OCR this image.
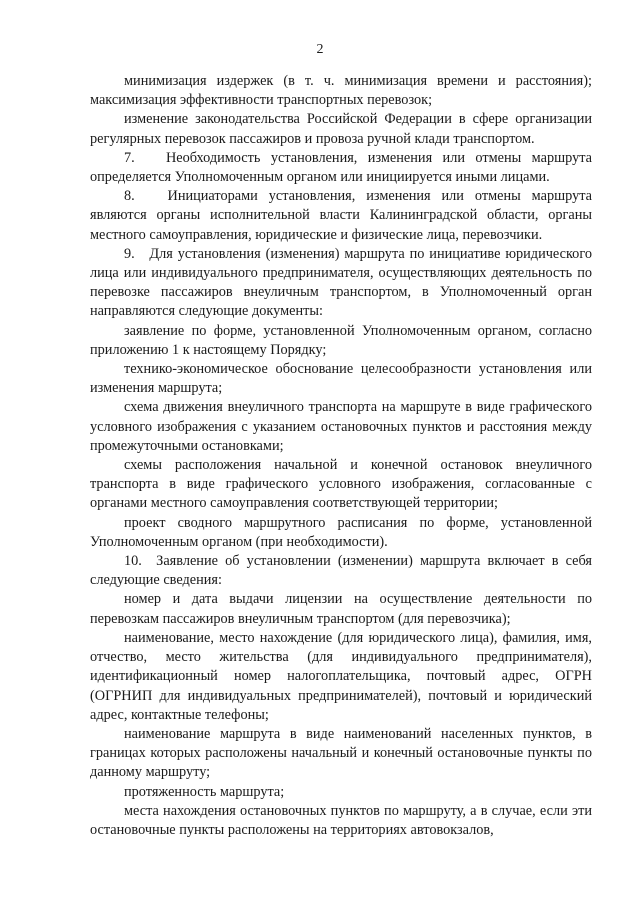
2

минимизация издержек (в т. ч. минимизация времени и расстояния); максимизация эффективности транспортных перевозок;

изменение законодательства Российской Федерации в сфере организации регулярных перевозок пассажиров и провоза ручной клади транспортом.

7.   Необходимость установления, изменения или отмены маршрута определяется Уполномоченным органом или инициируется иными лицами.

8.   Инициаторами установления, изменения или отмены маршрута являются органы исполнительной власти Калининградской области, органы местного самоуправления, юридические и физические лица, перевозчики.

9.   Для установления (изменения) маршрута по инициативе юридического лица или индивидуального предпринимателя, осуществляющих деятельность по перевозке пассажиров внеуличным транспортом, в Уполномоченный орган направляются следующие документы:

заявление по форме, установленной Уполномоченным органом, согласно приложению 1 к настоящему Порядку;

технико-экономическое обоснование целесообразности установления или изменения маршрута;

схема движения внеуличного транспорта на маршруте в виде графического условного изображения с указанием остановочных пунктов и расстояния между промежуточными остановками;

схемы расположения начальной и конечной остановок внеуличного транспорта в виде графического условного изображения, согласованные с органами местного самоуправления соответствующей территории;

проект сводного маршрутного расписания по форме, установленной Уполномоченным органом (при необходимости).

10.  Заявление об установлении (изменении) маршрута включает в себя следующие сведения:

номер и дата выдачи лицензии на осуществление деятельности по перевозкам пассажиров внеуличным транспортом (для перевозчика);

наименование, место нахождение (для юридического лица), фамилия, имя, отчество, место жительства (для индивидуального предпринимателя), идентификационный номер налогоплательщика, почтовый адрес, ОГРН (ОГРНИП для индивидуальных предпринимателей), почтовый и юридический адрес, контактные телефоны;

наименование маршрута в виде наименований населенных пунктов, в границах которых расположены начальный и конечный остановочные пункты по данному маршруту;

протяженность маршрута;

места нахождения остановочных пунктов по маршруту, а в случае, если эти остановочные пункты расположены на территориях автовокзалов,
